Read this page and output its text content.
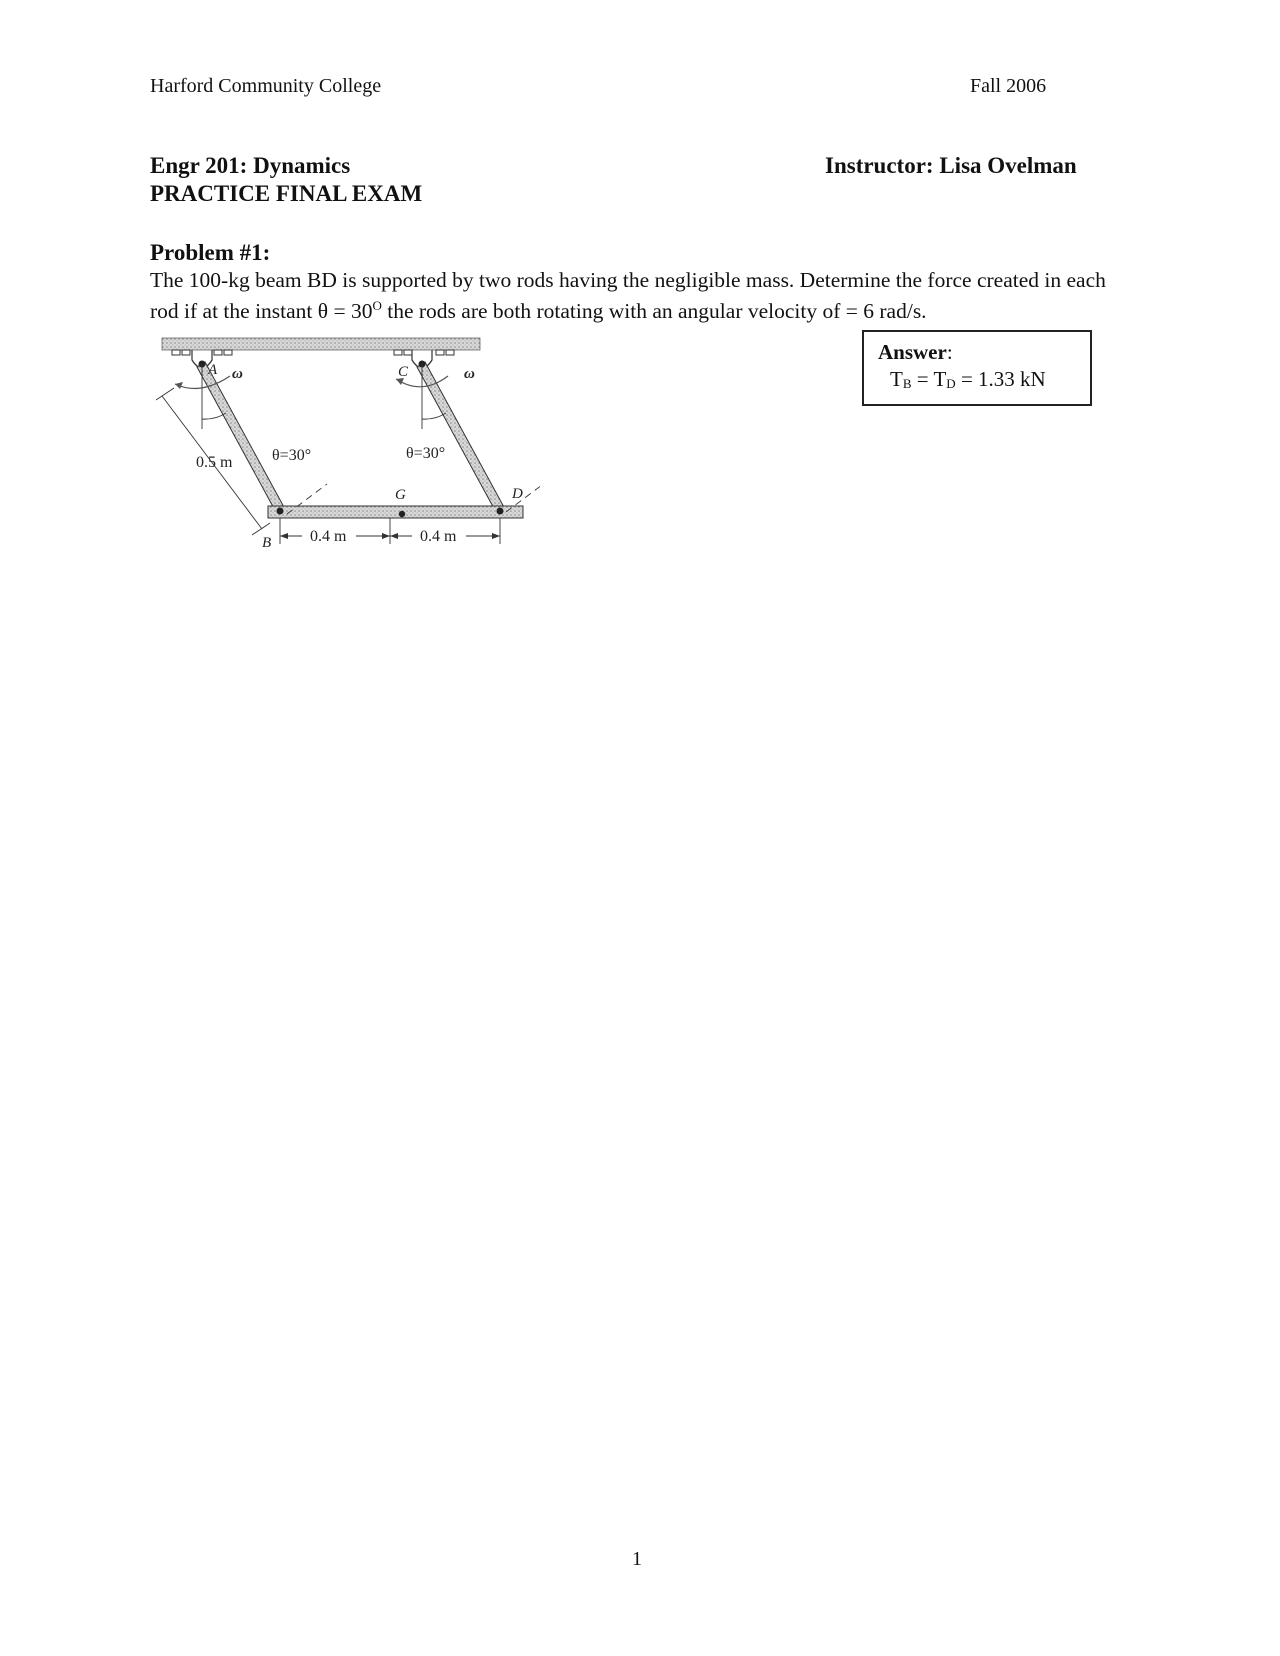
Harford Community College	Fall 2006
Engr 201: Dynamics	Instructor: Lisa Ovelman
PRACTICE FINAL EXAM
Problem #1:
The 100-kg beam BD is supported by two rods having the negligible mass. Determine the force created in each rod if at the instant $\theta = 30^O$ the rods are both rotating with an angular velocity of = 6 rad/s.
Answer:
$T_B = T_D = 1.33$ kN
A	C
B
D
G
ω	ω
θ=30°	θ=30°
0.5 m
0.4 m	0.4 m
1
